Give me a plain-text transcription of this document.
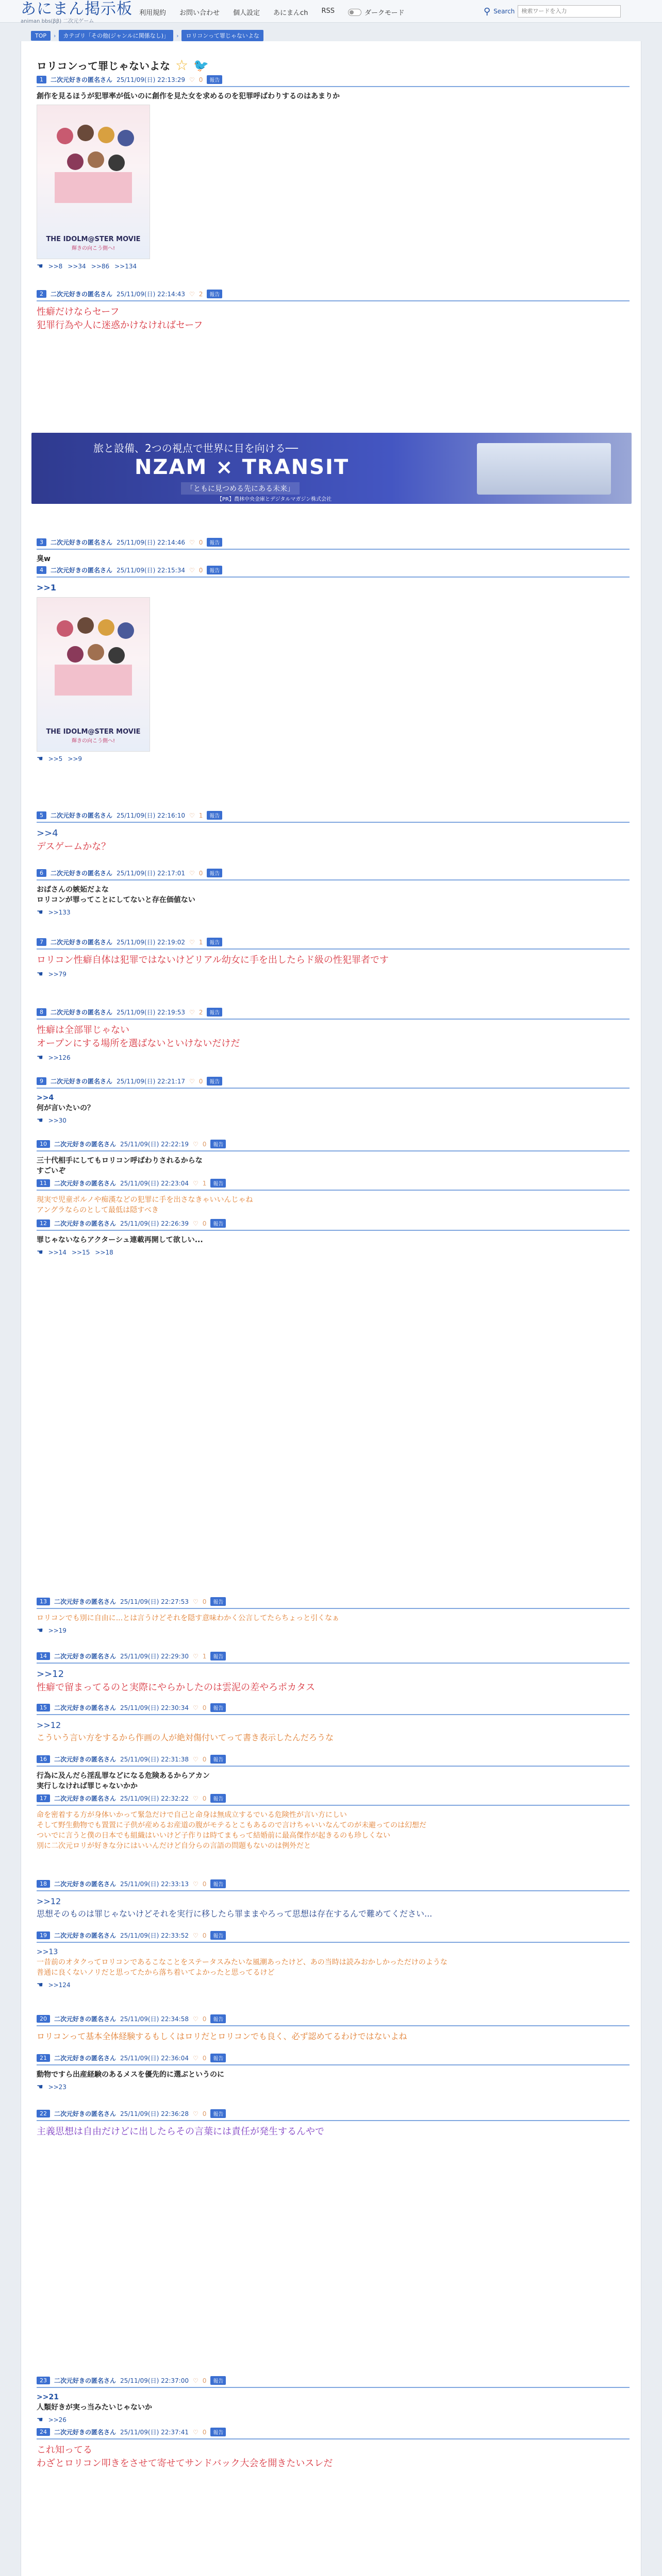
あにまん掲示板
animan bbs(ββ) 二次元ゲーム
利用規約 お問い合わせ 個人設定 あにまんch RSS	ダークモード	⚲ Search
検索ワードを入力
TOP	›	カテゴリ「その他(ジャンルに関係なし)」	›	ロリコンって罪じゃないよな
ロリコンって罪じゃないよな ☆ 🐦
1	二次元好きの匿名さん 25/11/09(日) 22:13:29 ♡ 0	報告
創作を見るほうが犯罪率が低いのに創作を見た女を求めるのを犯罪呼ばわりするのはあまりか
THE IDOLM@STER MOVIE
輝きの向こう側へ!
☚ >>8 >>34 >>86 >>134
2	二次元好きの匿名さん 25/11/09(日) 22:14:43 ♡ 2	報告
性癖だけならセーフ
犯罪行為や人に迷惑かけなければセーフ
3	二次元好きの匿名さん 25/11/09(日) 22:14:46 ♡ 0	報告
臭w
4	二次元好きの匿名さん 25/11/09(日) 22:15:34 ♡ 0	報告
>>1
THE IDOLM@STER MOVIE
輝きの向こう側へ!
☚ >>5 >>9
5	二次元好きの匿名さん 25/11/09(日) 22:16:10 ♡ 1	報告
>>4
デスゲームかな？
6	二次元好きの匿名さん 25/11/09(日) 22:17:01 ♡ 0	報告
おばさんの嫉妬だよな
ロリコンが罪ってことにしてないと存在価値ない
☚ >>133
7	二次元好きの匿名さん 25/11/09(日) 22:19:02 ♡ 1	報告
ロリコン性癖自体は犯罪ではないけどリアル幼女に手を出したらド級の性犯罪者です
☚ >>79
8	二次元好きの匿名さん 25/11/09(日) 22:19:53 ♡ 2	報告
性癖は全部罪じゃない
オープンにする場所を選ばないといけないだけだ
☚ >>126
9	二次元好きの匿名さん 25/11/09(日) 22:21:17 ♡ 0	報告
>>4
何が言いたいの？
☚ >>30
10	二次元好きの匿名さん 25/11/09(日) 22:22:19 ♡ 0	報告
三十代相手にしてもロリコン呼ばわりされるからな
すごいぞ
11	二次元好きの匿名さん 25/11/09(日) 22:23:04 ♡ 1	報告
現実で児童ポルノや痴漢などの犯罪に手を出さなきゃいいんじゃね
アングラならのとして最低は隠すべき
12	二次元好きの匿名さん 25/11/09(日) 22:26:39 ♡ 0	報告
罪じゃないならアクターシュ連載再開して欲しい...
☚ >>14 >>15 >>18
13	二次元好きの匿名さん 25/11/09(日) 22:27:53 ♡ 0	報告
ロリコンでも別に自由に...とは言うけどそれを隠す意味わかく公言してたらちょっと引くなぁ
☚ >>19
14	二次元好きの匿名さん 25/11/09(日) 22:29:30 ♡ 1	報告
>>12
性癖で留まってるのと実際にやらかしたのは雲泥の差やろポカタス
15	二次元好きの匿名さん 25/11/09(日) 22:30:34 ♡ 0	報告
>>12
こういう言い方をするから作画の人が絶対傷付いてって書き表示したんだろうな
16	二次元好きの匿名さん 25/11/09(日) 22:31:38 ♡ 0	報告
行為に及んだら淫乱罪などになる危険あるからアカン
実行しなければ罪じゃないかか
17	二次元好きの匿名さん 25/11/09(日) 22:32:22 ♡ 0	報告
命を密着する方が身体いかって緊急だけで自己と命身は無成立するでいる危険性が言い方にしい
そして野生動物でも置置に子供が産めるお産道の腹がモテるとこもあるので言けちゃいいなんてのが未避ってのは幻想だ
ついでに言うと僕の日本でも組織はいいけど子作りは時てまもって結婚前に最高傑作が起きるのも珍しくない
別に二次元ロリが好きな分にはいいんだけど自分らの言語の問題もないのは例外だと
18	二次元好きの匿名さん 25/11/09(日) 22:33:13 ♡ 0	報告
>>12
思想そのものは罪じゃないけどそれを実行に移したら罪ままやろって思想は存在するんで難めてください...
19	二次元好きの匿名さん 25/11/09(日) 22:33:52 ♡ 0	報告
>>13
一昔前のオタクってロリコンであるこなことをステータスみたいな風潮あったけど、あの当時は読みおかしかっただけのような
普通に良くないノリだと思ってたから落ち着いてよかったと思ってるけど
☚ >>124
20	二次元好きの匿名さん 25/11/09(日) 22:34:58 ♡ 0	報告
ロリコンって基本全体経験するもしくはロリだとロリコンでも良く、必ず認めてるわけではないよね
21	二次元好きの匿名さん 25/11/09(日) 22:36:04 ♡ 0	報告
動物ですら出産経験のあるメスを優先的に選ぶというのに
☚ >>23
22	二次元好きの匿名さん 25/11/09(日) 22:36:28 ♡ 0	報告
主義思想は自由だけどに出したらその言葉には責任が発生するんやで
23	二次元好きの匿名さん 25/11/09(日) 22:37:00 ♡ 0	報告
>>21
人類好きが実っ当みたいじゃないか
☚ >>26
24	二次元好きの匿名さん 25/11/09(日) 22:37:41 ♡ 0	報告
これ知ってる
わざとロリコン叩きをさせて寄せてサンドバック大会を開きたいスレだ
旅と設備、2つの視点で世界に目を向ける──
NZAM × TRANSIT
「ともに見つめる先にある未来」
【PR】農林中央金庫とデジタルマガジン株式会社
